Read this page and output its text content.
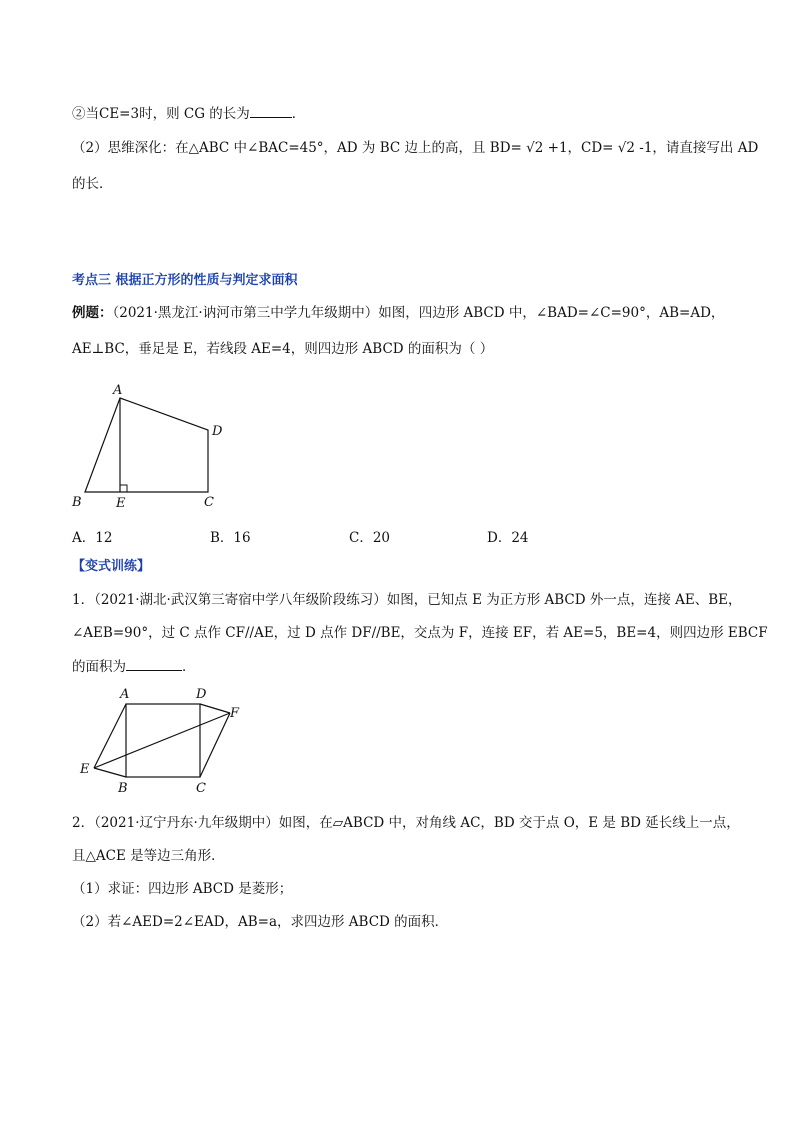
②当CE=3时，则 CG 的长为	．
（2）思维深化：在△ABC 中∠BAC=45°，AD 为 BC 边上的高，且 BD= √2 +1，CD= √2 -1，请直接写出 AD
的长．
考点三 根据正方形的性质与判定求面积
例题：（2021·黑龙江·讷河市第三中学九年级期中）如图，四边形 ABCD 中，∠BAD=∠C=90°，AB=AD，
AE⊥BC，垂足是 E，若线段 AE=4，则四边形 ABCD 的面积为（ ）
A
D
B	E	C
A．12	B．16	C．20	D．24
【变式训练】
1．（2021·湖北·武汉第三寄宿中学八年级阶段练习）如图，已知点 E 为正方形 ABCD 外一点，连接 AE、BE，
∠AEB=90°，过 C 点作 CF//AE，过 D 点作 DF//BE，交点为 F，连接 EF，若 AE=5，BE=4，则四边形 EBCF
的面积为	．
A	D
F
E
B	C
2．（2021·辽宁丹东·九年级期中）如图，在▱ABCD 中，对角线 AC，BD 交于点 O，E 是 BD 延长线上一点，
且△ACE 是等边三角形．
（1）求证：四边形 ABCD 是菱形；
（2）若∠AED=2∠EAD，AB=a，求四边形 ABCD 的面积．
